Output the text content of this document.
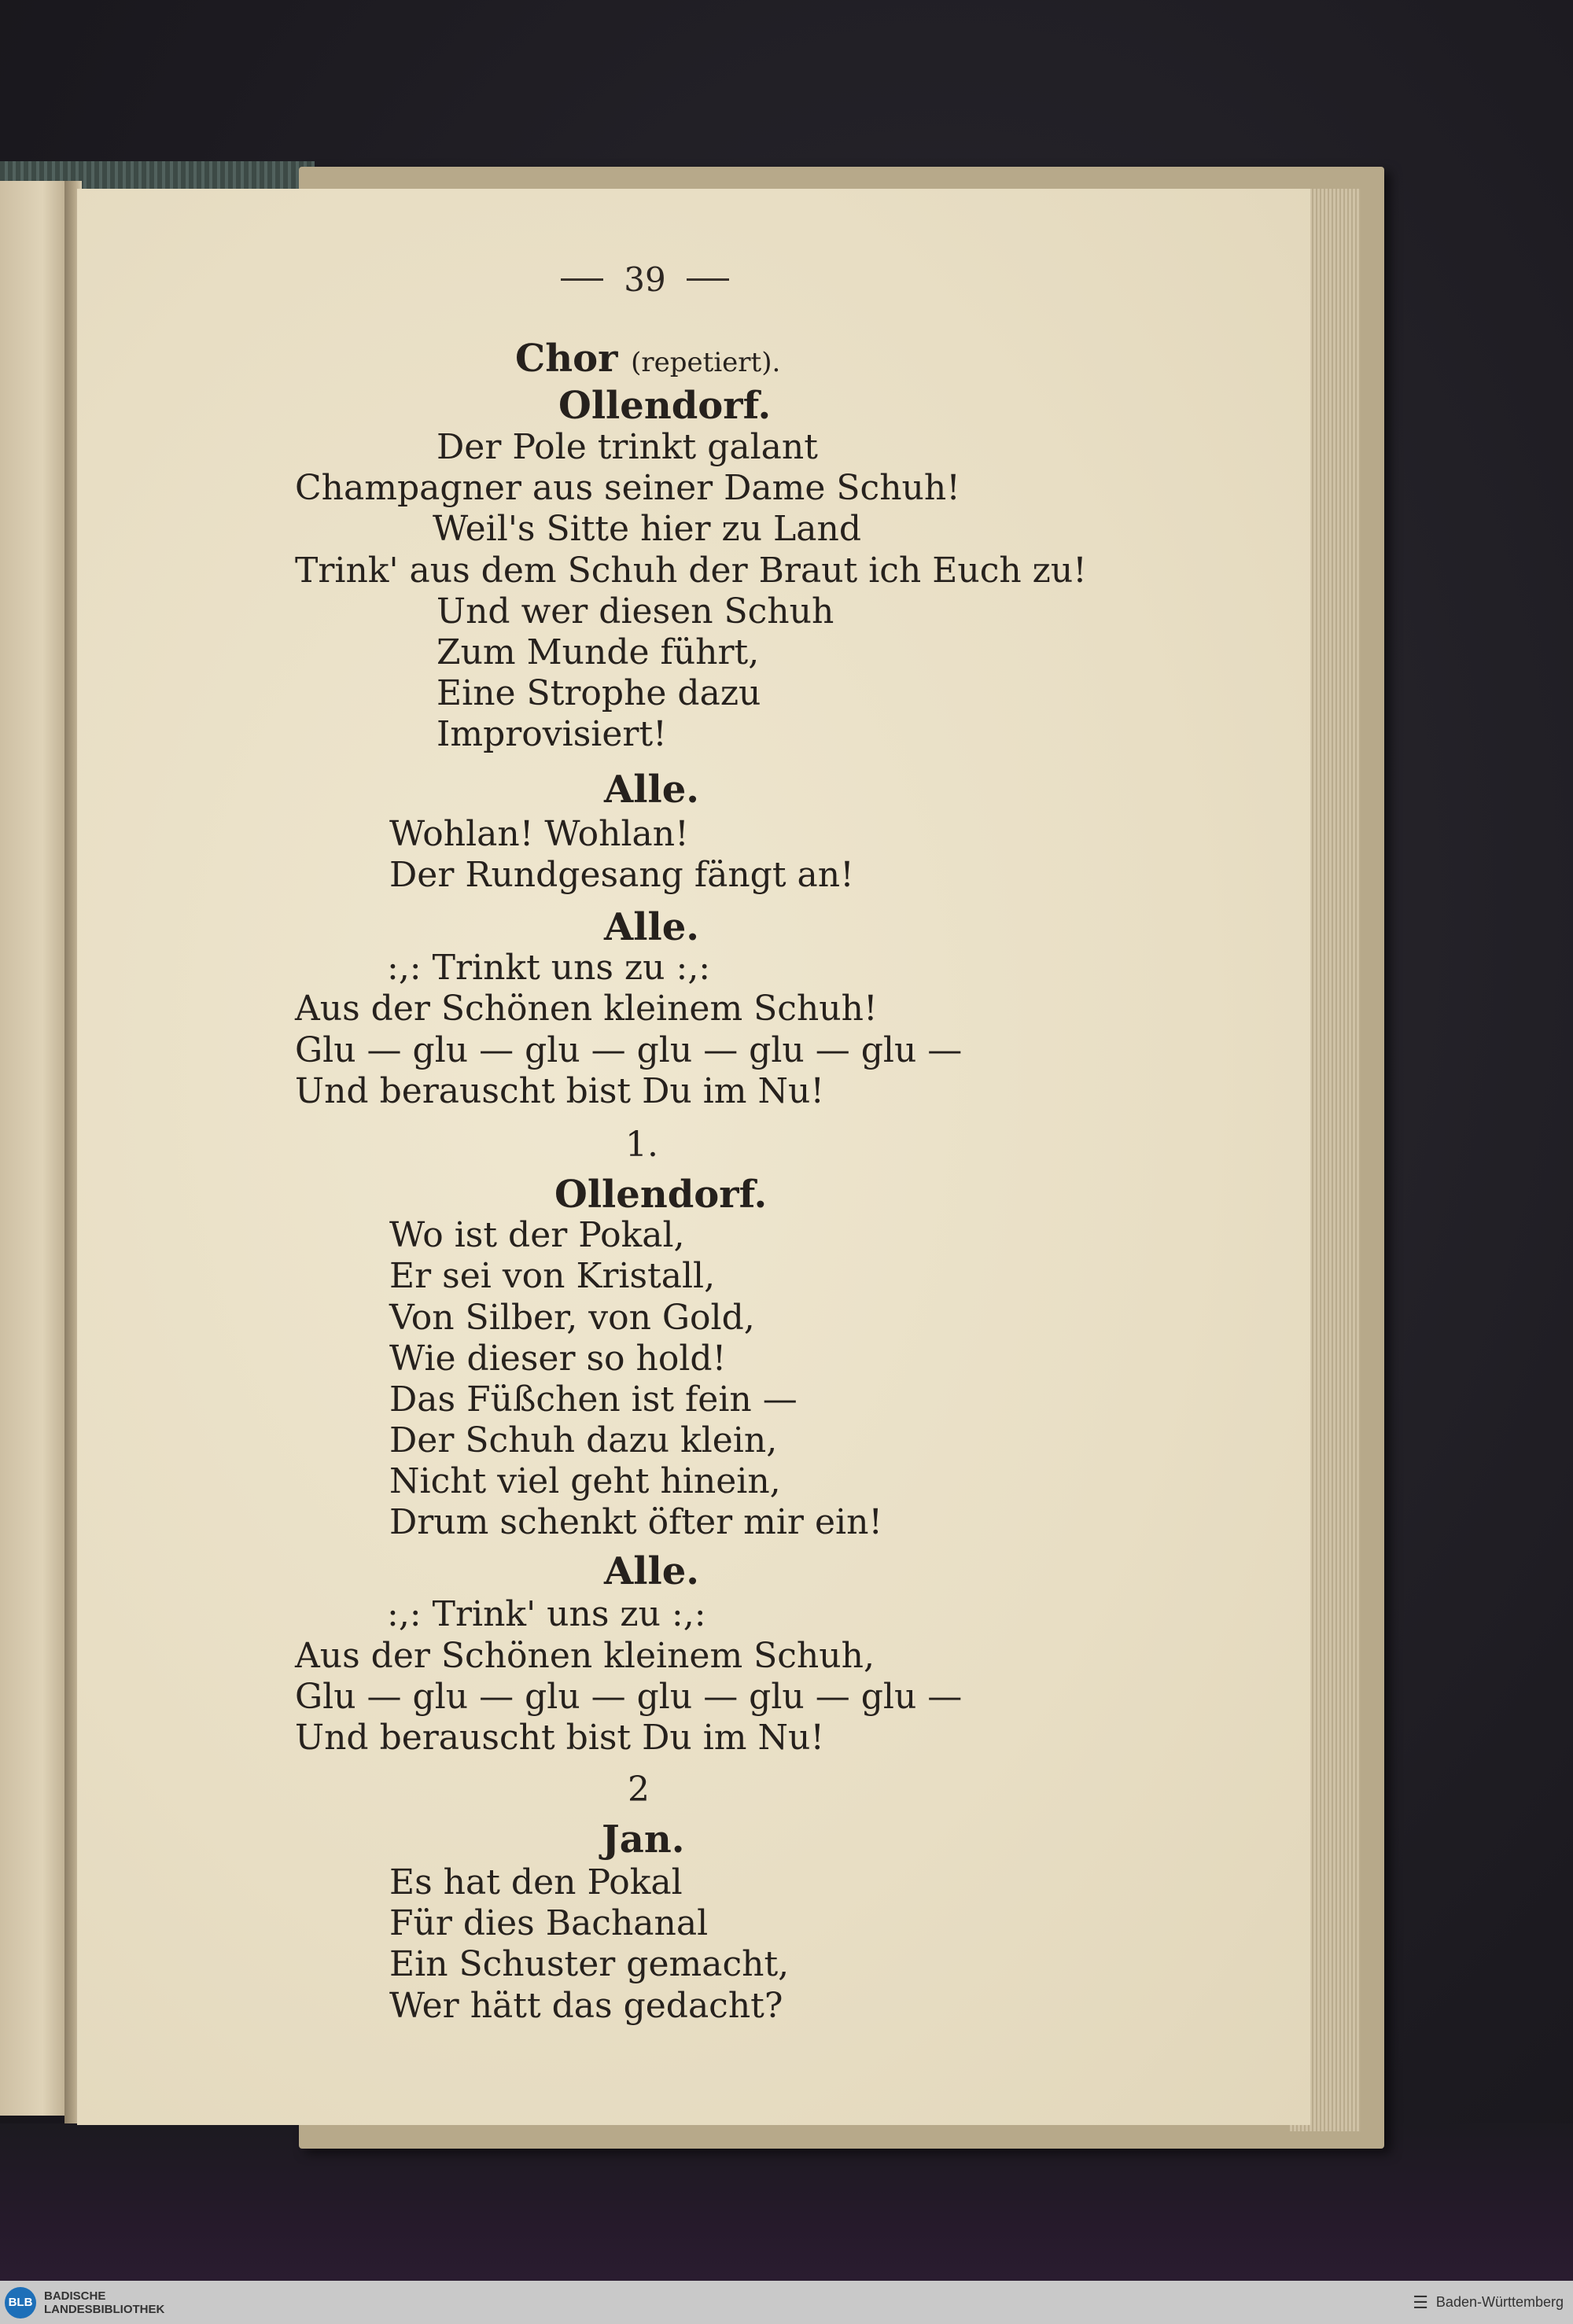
39
Chor (repetiert).
Ollendorf.
Der Pole trinkt galant
Champagner aus seiner Dame Schuh!
Weil's Sitte hier zu Land
Trink' aus dem Schuh der Braut ich Euch zu!
Und wer diesen Schuh
Zum Munde führt,
Eine Strophe dazu
Improvisiert!
Alle.
Wohlan! Wohlan!
Der Rundgesang fängt an!
Alle.
:,: Trinkt uns zu :,:
Aus der Schönen kleinem Schuh!
Glu — glu — glu — glu — glu — glu —
Und berauscht bist Du im Nu!
1.
Ollendorf.
Wo ist der Pokal,
Er sei von Kristall,
Von Silber, von Gold,
Wie dieser so hold!
Das Füßchen ist fein —
Der Schuh dazu klein,
Nicht viel geht hinein,
Drum schenkt öfter mir ein!
Alle.
:,: Trink' uns zu :,:
Aus der Schönen kleinem Schuh,
Glu — glu — glu — glu — glu — glu —
Und berauscht bist Du im Nu!
2
Jan.
Es hat den Pokal
Für dies Bachanal
Ein Schuster gemacht,
Wer hätt das gedacht?
BLB BADISCHE
LANDESBIBLIOTHEK	☰ Baden-Württemberg
